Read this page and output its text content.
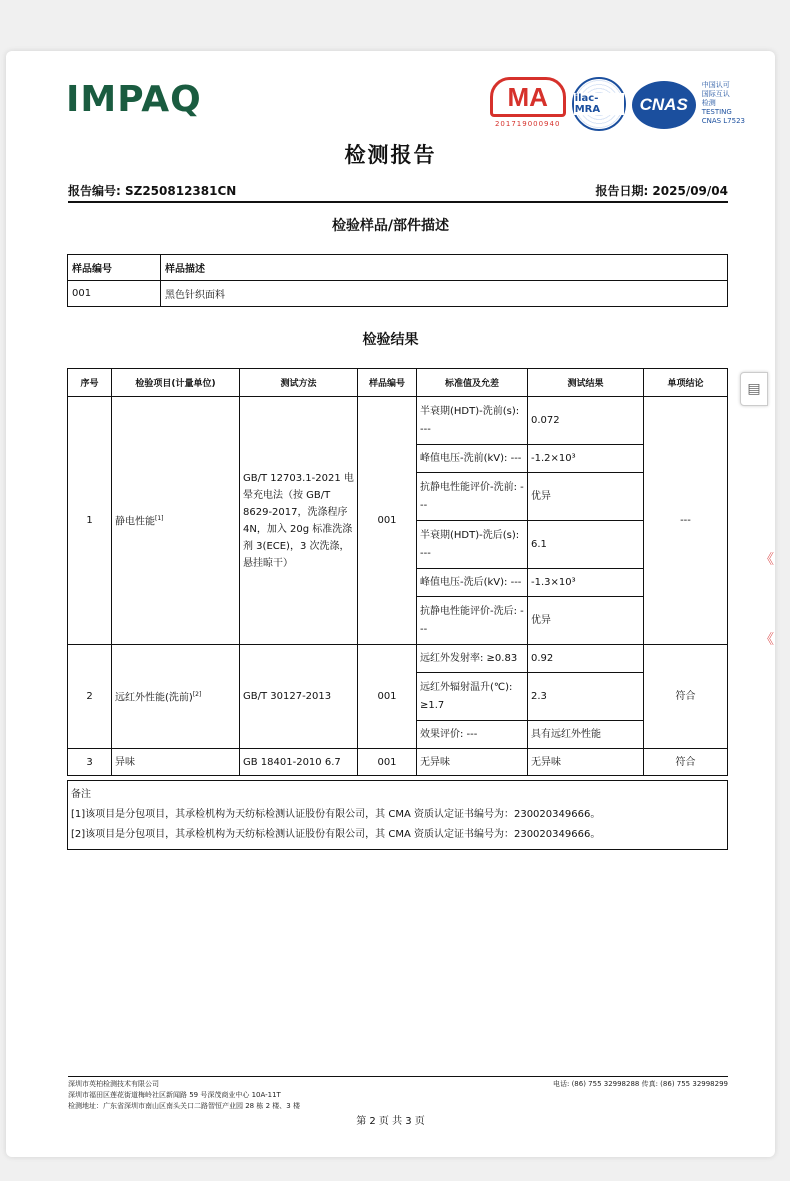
IMPAQ	MA
201719000940
ilac-MRA	CNAS
中国认可
国际互认
检测
TESTING
CNAS L7523
检测报告
报告编号: SZ250812381CN	报告日期: 2025/09/04
检验样品/部件描述
样品编号	样品描述
001	黑色针织面料
检验结果
序号	检验项目(计量单位)	测试方法	样品编号	标准值及允差	测试结果	单项结论
1	静电性能[1]	GB/T 12703.1-2021 电晕充电法（按 GB/T 8629-2017，洗涤程序 4N，加入 20g 标准洗涤剂 3(ECE)，3 次洗涤，悬挂晾干）	001	半衰期(HDT)-洗前(s): ---	0.072	---
				峰值电压-洗前(kV): ---	-1.2×10³	
				抗静电性能评价-洗前: ---	优异	
				半衰期(HDT)-洗后(s): ---	6.1	
				峰值电压-洗后(kV): ---	-1.3×10³	
				抗静电性能评价-洗后: ---	优异	
2	远红外性能(洗前)[2]	GB/T 30127-2013	001	远红外发射率: ≥0.83	0.92	符合
				远红外辐射温升(℃): ≥1.7	2.3	
				效果评价: ---	具有远红外性能	
3	异味	GB 18401-2010 6.7	001	无异味	无异味	符合
备注
[1]该项目是分包项目，其承检机构为天纺标检测认证股份有限公司，其 CMA 资质认定证书编号为：230020349666。
[2]该项目是分包项目，其承检机构为天纺标检测认证股份有限公司，其 CMA 资质认定证书编号为：230020349666。
深圳市英柏检测技术有限公司
深圳市福田区莲花街道梅岭社区新闻路 59 号深茂商业中心 10A-11T
检测地址：广东省深圳市南山区南头关口二路智恒产业园 28 栋 2 楼、3 楼
电话: (86) 755 32998288 传真: (86) 755 32998299
第 2 页 共 3 页
▤
《

《
